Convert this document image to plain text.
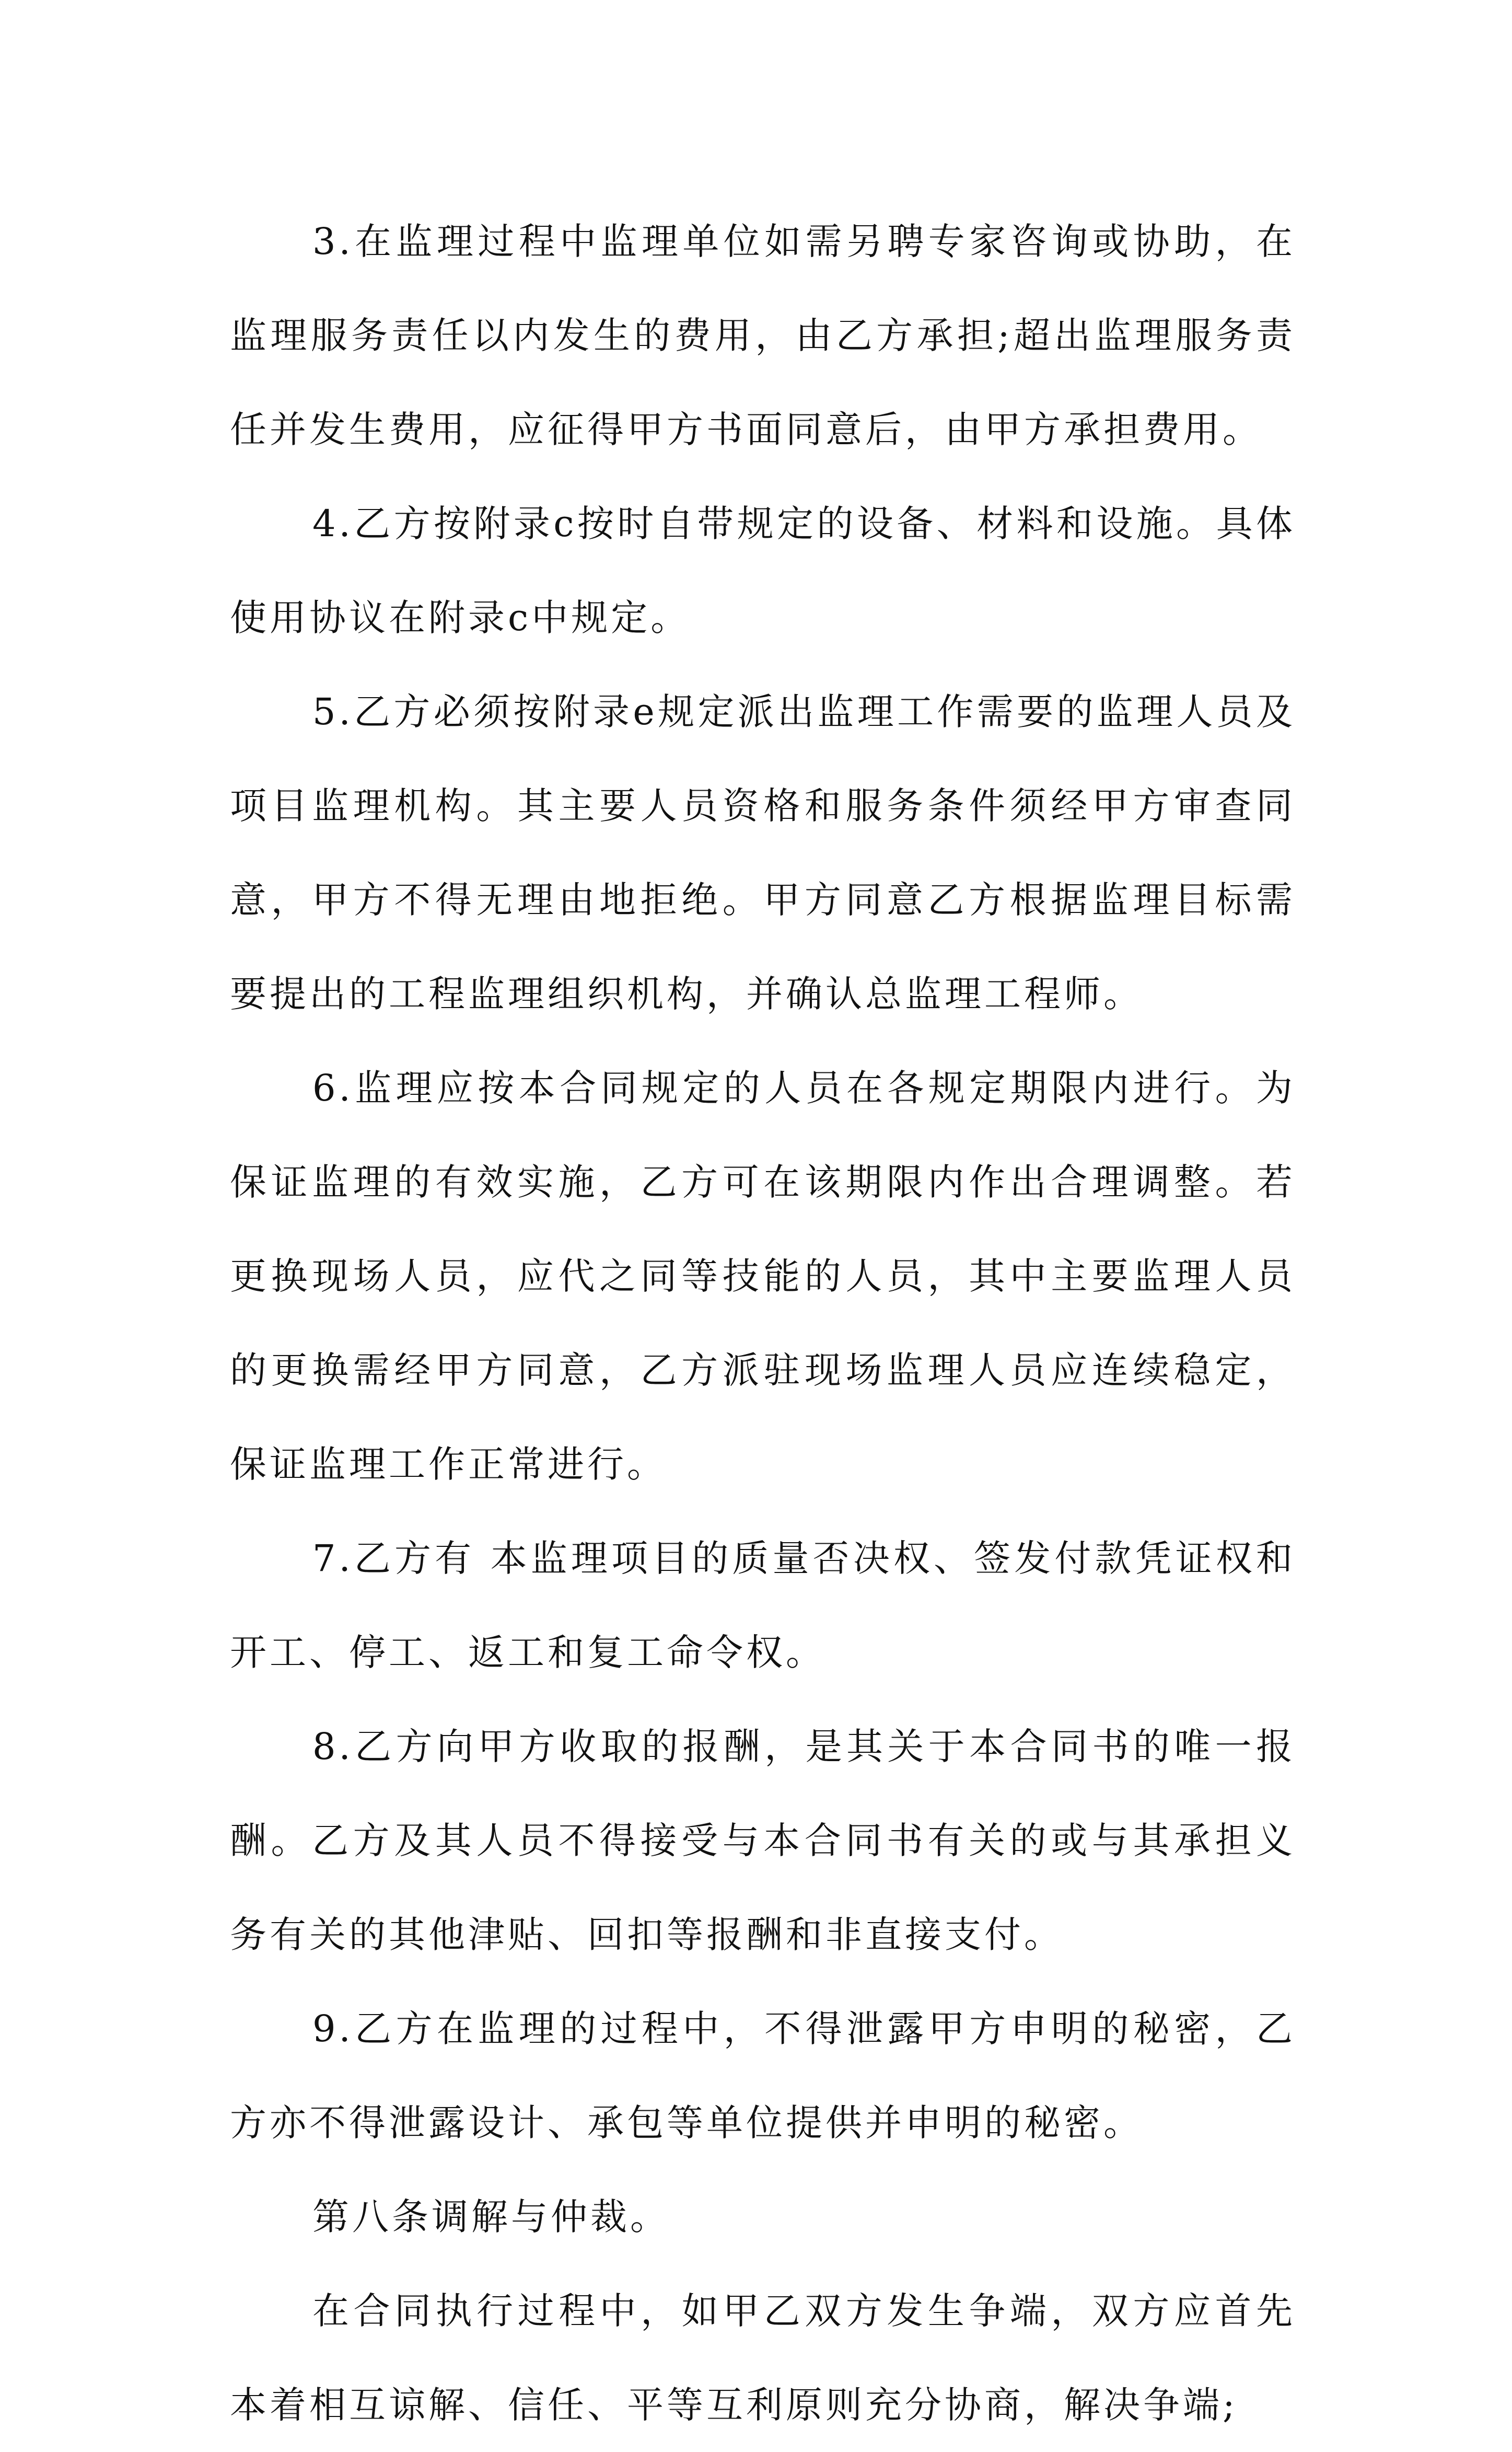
3.在监理过程中监理单位如需另聘专家咨询或协助，在监理服务责任以内发生的费用，由乙方承担;超出监理服务责任并发生费用，应征得甲方书面同意后，由甲方承担费用。

4.乙方按附录c按时自带规定的设备、材料和设施。具体使用协议在附录c中规定。

5.乙方必须按附录e规定派出监理工作需要的监理人员及项目监理机构。其主要人员资格和服务条件须经甲方审查同意，甲方不得无理由地拒绝。甲方同意乙方根据监理目标需要提出的工程监理组织机构，并确认总监理工程师。

6.监理应按本合同规定的人员在各规定期限内进行。为保证监理的有效实施，乙方可在该期限内作出合理调整。若更换现场人员，应代之同等技能的人员，其中主要监理人员的更换需经甲方同意，乙方派驻现场监理人员应连续稳定，保证监理工作正常进行。

7.乙方有 本监理项目的质量否决权、签发付款凭证权和开工、停工、返工和复工命令权。

8.乙方向甲方收取的报酬，是其关于本合同书的唯一报酬。乙方及其人员不得接受与本合同书有关的或与其承担义务有关的其他津贴、回扣等报酬和非直接支付。

9.乙方在监理的过程中，不得泄露甲方申明的秘密，乙方亦不得泄露设计、承包等单位提供并申明的秘密。

第八条调解与仲裁。

在合同执行过程中，如甲乙双方发生争端，双方应首先本着相互谅解、信任、平等互利原则充分协商，解决争端;
